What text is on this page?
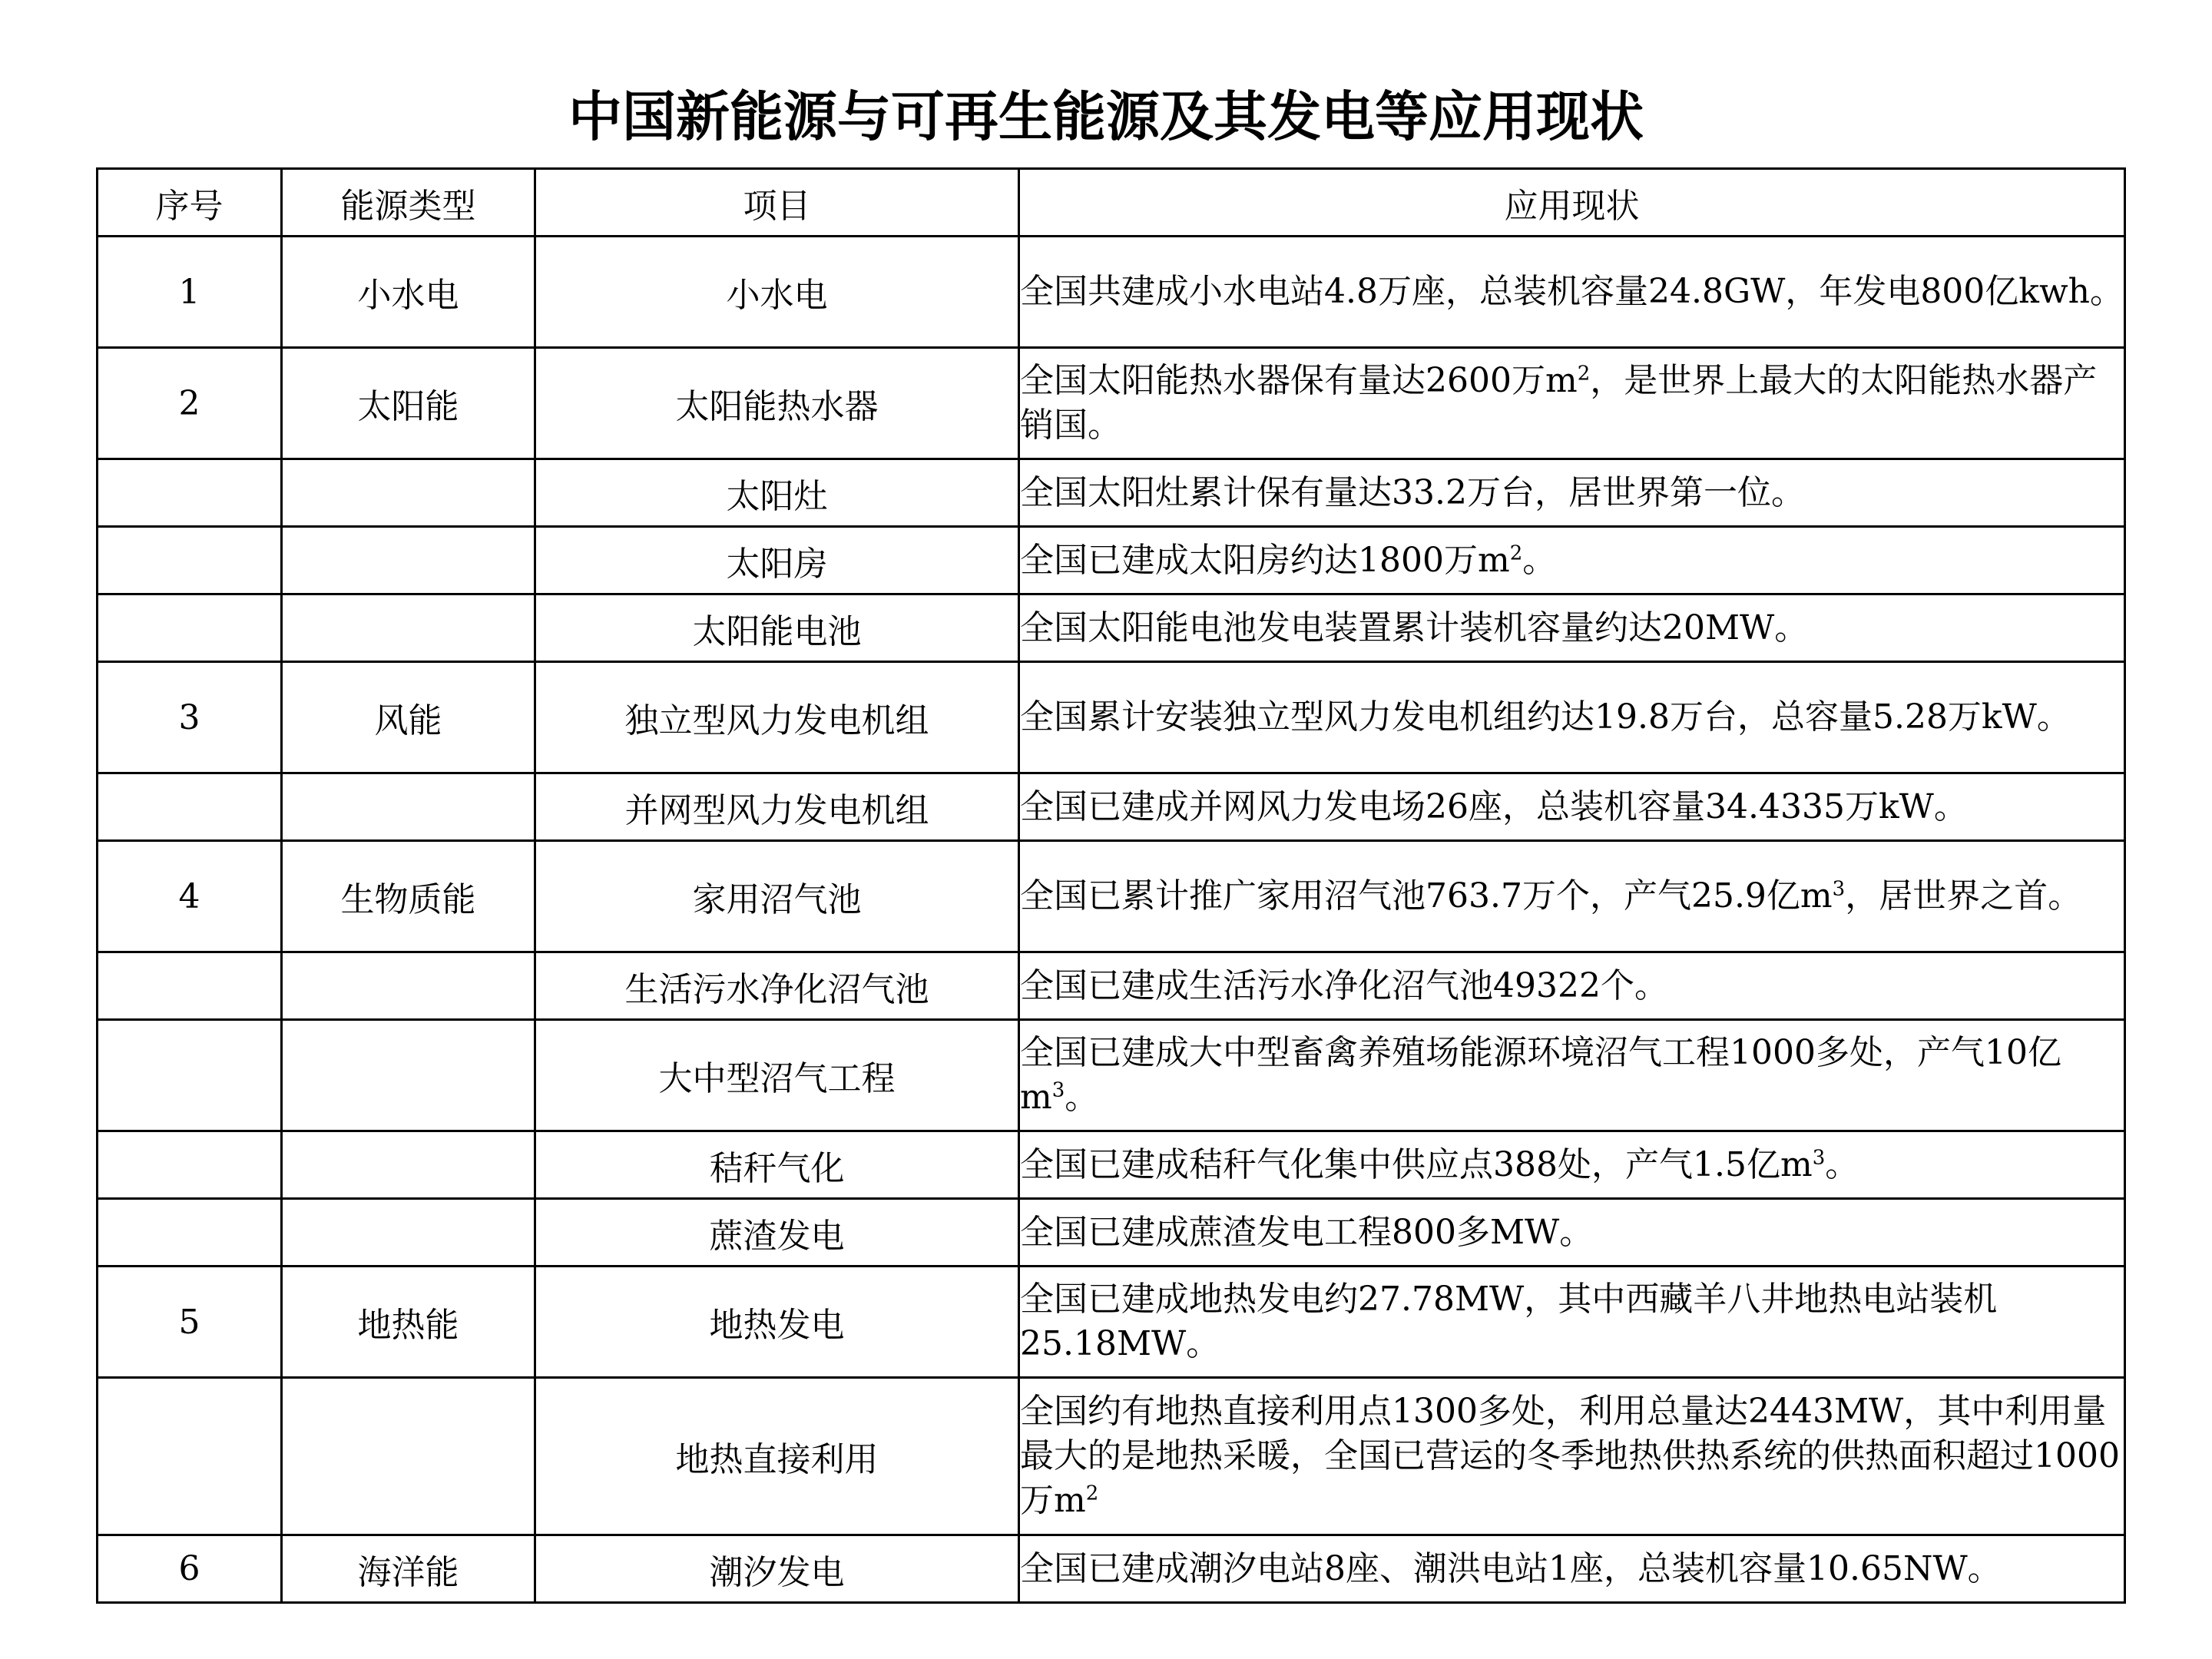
中国新能源与可再生能源及其发电等应用现状
序号	能源类型	项目	应用现状
1	小水电	小水电	全国共建成小水电站4.8万座，总装机容量24.8GW，年发电800亿kwh。
2	太阳能	太阳能热水器	全国太阳能热水器保有量达2600万$m^2$，是世界上最大的太阳能热水器产销国。
		太阳灶	全国太阳灶累计保有量达33.2万台，居世界第一位。
		太阳房	全国已建成太阳房约达1800万$m^2$。
		太阳能电池	全国太阳能电池发电装置累计装机容量约达20MW。
3	风能	独立型风力发电机组	全国累计安装独立型风力发电机组约达19.8万台，总容量5.28万kW。
		并网型风力发电机组	全国已建成并网风力发电场26座，总装机容量34.4335万kW。
4	生物质能	家用沼气池	全国已累计推广家用沼气池763.7万个，产气25.9亿$m^3$，居世界之首。
		生活污水净化沼气池	全国已建成生活污水净化沼气池49322个。
		大中型沼气工程	全国已建成大中型畜禽养殖场能源环境沼气工程1000多处，产气10亿$m^3$。
		秸秆气化	全国已建成秸秆气化集中供应点388处，产气1.5亿$m^3$。
		蔗渣发电	全国已建成蔗渣发电工程800多MW。
5	地热能	地热发电	全国已建成地热发电约27.78MW，其中西藏羊八井地热电站装机25.18MW。
		地热直接利用	全国约有地热直接利用点1300多处，利用总量达2443MW，其中利用量最大的是地热采暖，全国已营运的冬季地热供热系统的供热面积超过1000万$m^2$
6	海洋能	潮汐发电	全国已建成潮汐电站8座、潮洪电站1座，总装机容量10.65NW。
